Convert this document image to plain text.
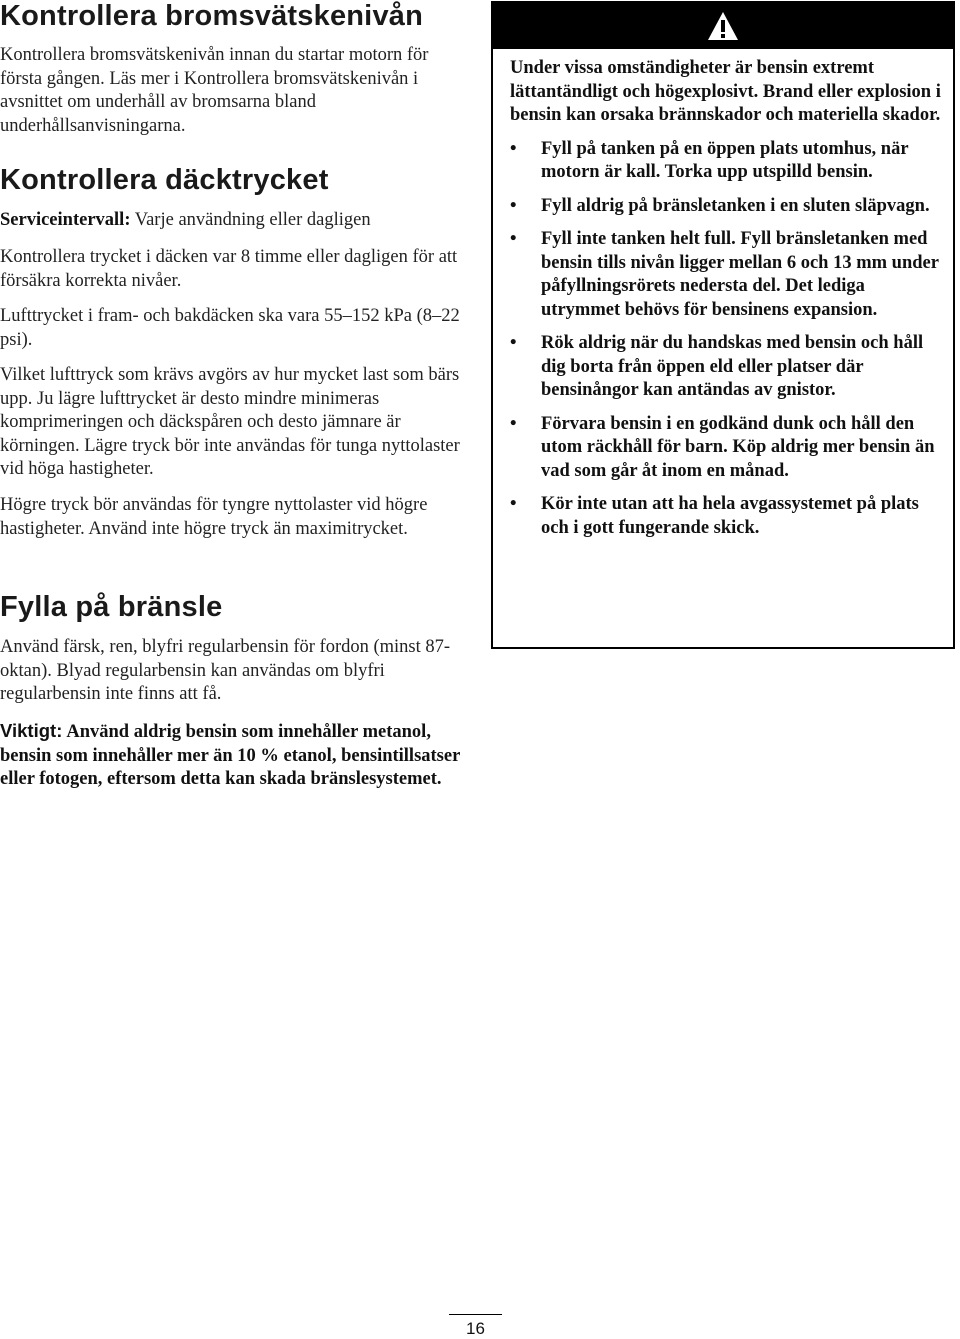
Kontrollera bromsvätskenivån

Kontrollera bromsvätskenivån innan du startar motorn för första gången. Läs mer i Kontrollera bromsvätskenivån i avsnittet om underhåll av bromsarna bland underhållsanvisningarna.

Kontrollera däcktrycket

Serviceintervall: Varje användning eller dagligen

Kontrollera trycket i däcken var 8 timme eller dagligen för att försäkra korrekta nivåer.

Lufttrycket i fram- och bakdäcken ska vara 55–152 kPa (8–22 psi).

Vilket lufttryck som krävs avgörs av hur mycket last som bärs upp. Ju lägre lufttrycket är desto mindre minimeras komprimeringen och däckspåren och desto jämnare är körningen. Lägre tryck bör inte användas för tunga nyttolaster vid höga hastigheter.

Högre tryck bör användas för tyngre nyttolaster vid högre hastigheter. Använd inte högre tryck än maximitrycket.

Fylla på bränsle

Använd färsk, ren, blyfri regularbensin för fordon (minst 87-oktan). Blyad regularbensin kan användas om blyfri regularbensin inte finns att få.

Viktigt: Använd aldrig bensin som innehåller metanol, bensin som innehåller mer än 10 % etanol, bensintillsatser eller fotogen, eftersom detta kan skada bränslesystemet.

Under vissa omständigheter är bensin extremt lättantändligt och högexplosivt. Brand eller explosion i bensin kan orsaka brännskador och materiella skador.

• Fyll på tanken på en öppen plats utomhus, när motorn är kall. Torka upp utspilld bensin.
• Fyll aldrig på bränsletanken i en sluten släpvagn.
• Fyll inte tanken helt full. Fyll bränsletanken med bensin tills nivån ligger mellan 6 och 13 mm under påfyllningsrörets nedersta del. Det lediga utrymmet behövs för bensinens expansion.
• Rök aldrig när du handskas med bensin och håll dig borta från öppen eld eller platser där bensinångor kan antändas av gnistor.
• Förvara bensin i en godkänd dunk och håll den utom räckhåll för barn. Köp aldrig mer bensin än vad som går åt inom en månad.
• Kör inte utan att ha hela avgassystemet på plats och i gott fungerande skick.
16
